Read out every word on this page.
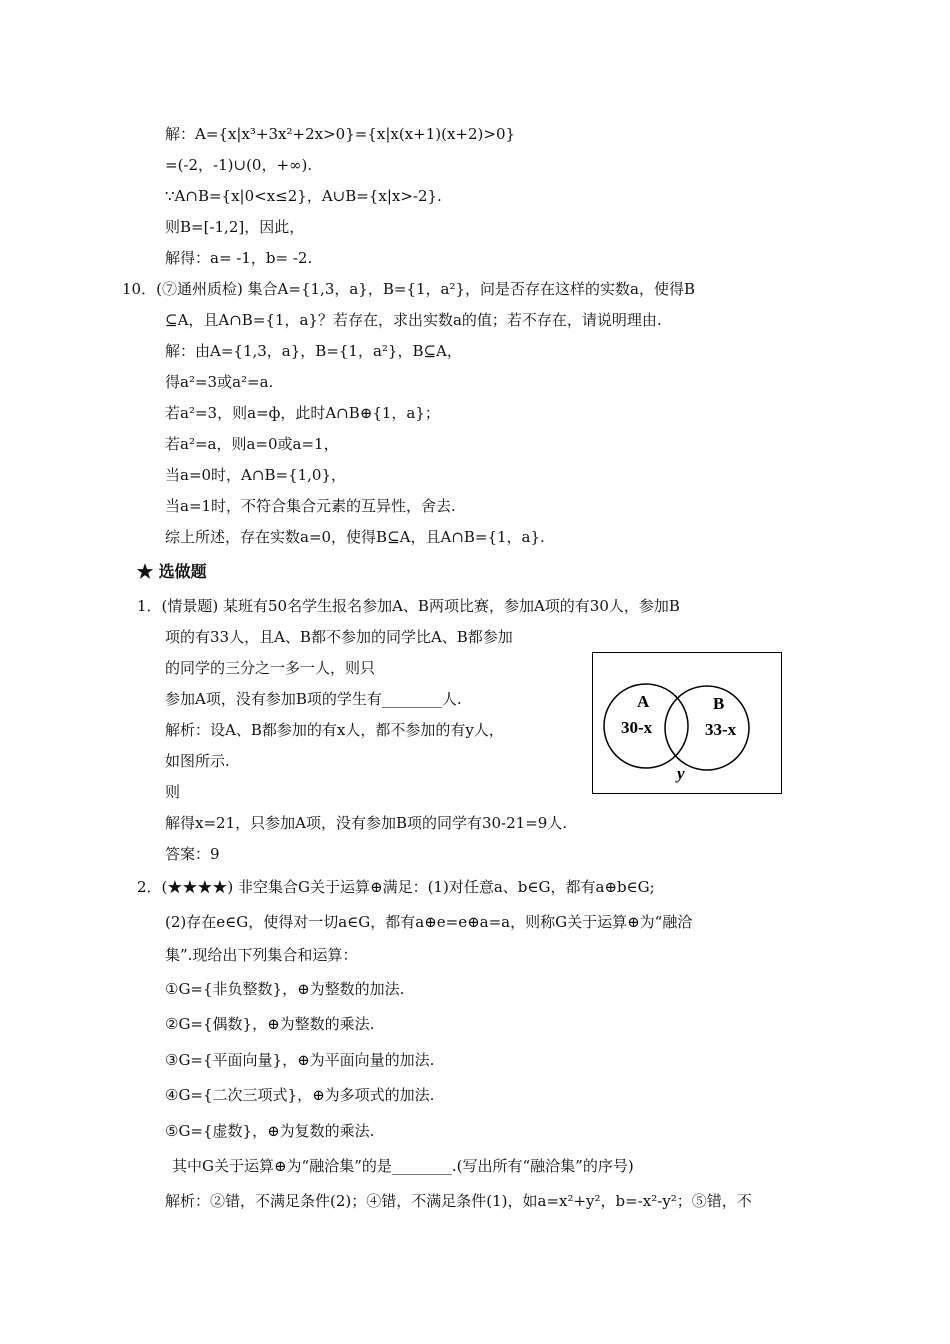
解：A={x|x³+3x²+2x>0}={x|x(x+1)(x+2)>0}
=(-2，-1)∪(0，+∞).
∵A∩B={x|0<x≤2}，A∪B={x|x>-2}.
则B=[-1,2]，因此，
解得：a= -1，b= -2.
10．(⑦通州质检) 集合A={1,3，a}，B={1，a²}，问是否存在这样的实数a，使得B
⊆A，且A∩B={1，a}？若存在，求出实数a的值；若不存在，请说明理由.
解：由A={1,3，a}，B={1，a²}，B⊆A，
得a²=3或a²=a.
若a²=3，则a=ф，此时A∩B⊕{1，a}；
若a²=a，则a=0或a=1，
当a=0时，A∩B={1,0}，
当a=1时，不符合集合元素的互异性，舍去.
综上所述，存在实数a=0，使得B⊆A，且A∩B={1，a}.
★ 选做题
1．(情景题) 某班有50名学生报名参加A、B两项比赛，参加A项的有30人，参加B
项的有33人，且A、B都不参加的同学比A、B都参加
的同学的三分之一多一人，则只
参加A项，没有参加B项的学生有________人.
解析：设A、B都参加的有x人，都不参加的有y人，
如图所示.
则
解得x=21，只参加A项，没有参加B项的同学有30-21=9人.
答案：9
A
30-x
B
33-x
y
2．(★★★★) 非空集合G关于运算⊕满足：(1)对任意a、b∈G，都有a⊕b∈G;
(2)存在e∈G，使得对一切a∈G，都有a⊕e=e⊕a=a，则称G关于运算⊕为“融洽
集”.现给出下列集合和运算：
①G={非负整数}，⊕为整数的加法.
②G={偶数}，⊕为整数的乘法.
③G={平面向量}，⊕为平面向量的加法.
④G={二次三项式}，⊕为多项式的加法.
⑤G={虚数}，⊕为复数的乘法.
其中G关于运算⊕为“融洽集”的是________.(写出所有“融洽集”的序号)
解析：②错，不满足条件(2)；④错，不满足条件(1)，如a=x²+y²，b=-x²-y²；⑤错，不
